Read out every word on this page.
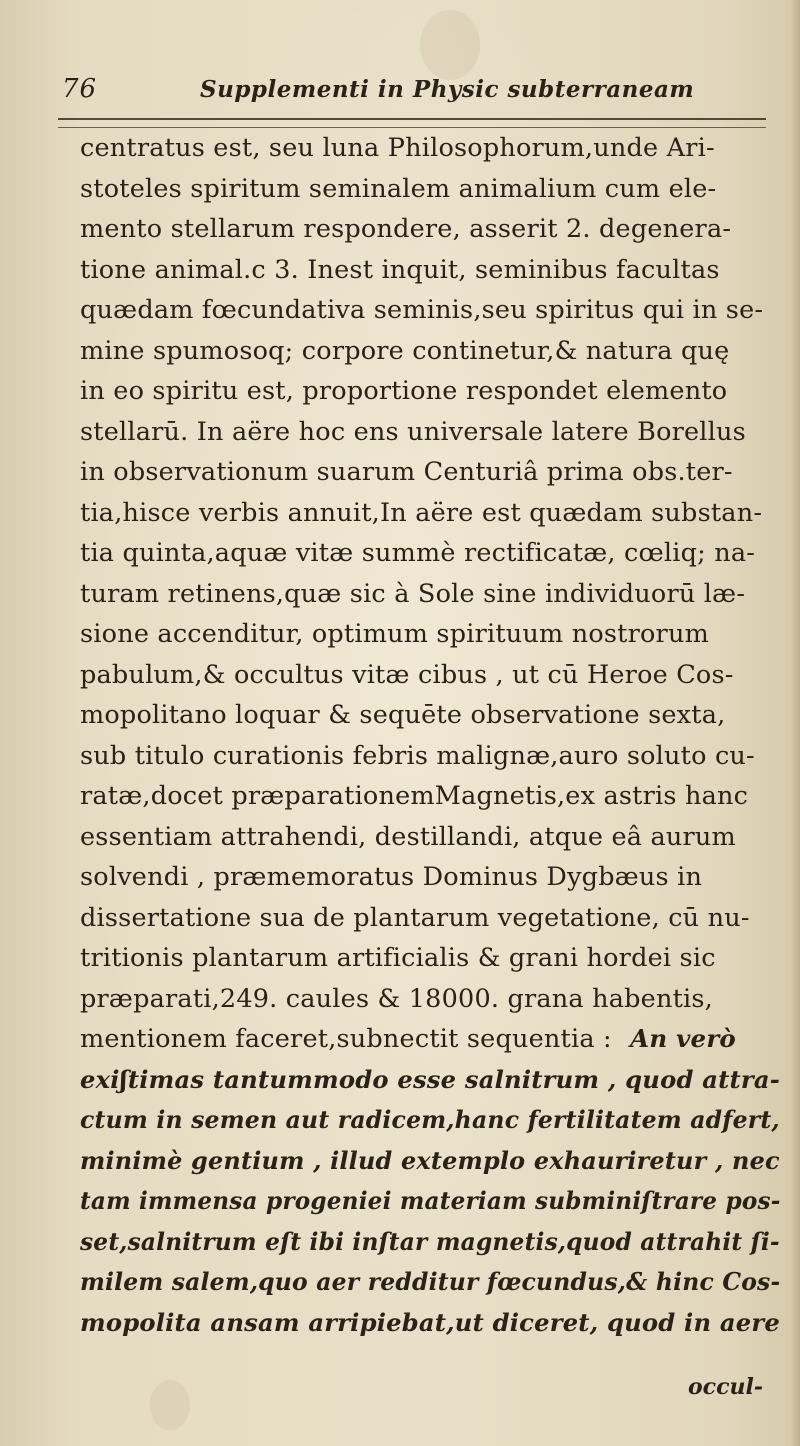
76	Supplementi in Physic subterraneam
centratus est, seu luna Philosophorum,unde Ari-
stoteles spiritum seminalem animalium cum ele-
mento stellarum respondere, asserit 2. degenera-
tione animal.c 3. Inest inquit, seminibus facultas
quædam fœcundativa seminis,seu spiritus qui in se-
mine spumosoq; corpore continetur,& natura quę
in eo spiritu est, proportione respondet elemento
stellarū. In aëre hoc ens universale latere Borellus
in observationum suarum Centuriâ prima obs.ter-
tia,hisce verbis annuit,In aëre est quædam substan-
tia quinta,aquæ vitæ summè rectificatæ, cœliq; na-
turam retinens,quæ sic à Sole sine individuorū læ-
sione accenditur, optimum spirituum nostrorum
pabulum,& occultus vitæ cibus , ut cū Heroe Cos-
mopolitano loquar & sequēte observatione sexta,
sub titulo curationis febris malignæ,auro soluto cu-
ratæ,docet præparationemMagnetis,ex astris hanc
essentiam attrahendi, destillandi, atque eâ aurum
solvendi , præmemoratus Dominus Dygbæus in
dissertatione sua de plantarum vegetatione, cū nu-
tritionis plantarum artificialis & grani hordei sic
præparati,249. caules & 18000. grana habentis,
mentionem faceret,subnectit sequentia : An verò
exiʃtimas tantummodo esse salnitrum , quod attra-
ctum in semen aut radicem,hanc fertilitatem adfert,
minimè gentium , illud extemplo exhauriretur , nec
tam immensa progeniei materiam subminiſtrare pos-
set,salnitrum eſt ibi inſtar magnetis,quod attrahit ſi-
milem salem,quo aer redditur fœcundus,& hinc Cos-
mopolita ansam arripiebat,ut diceret, quod in aere
occul-
